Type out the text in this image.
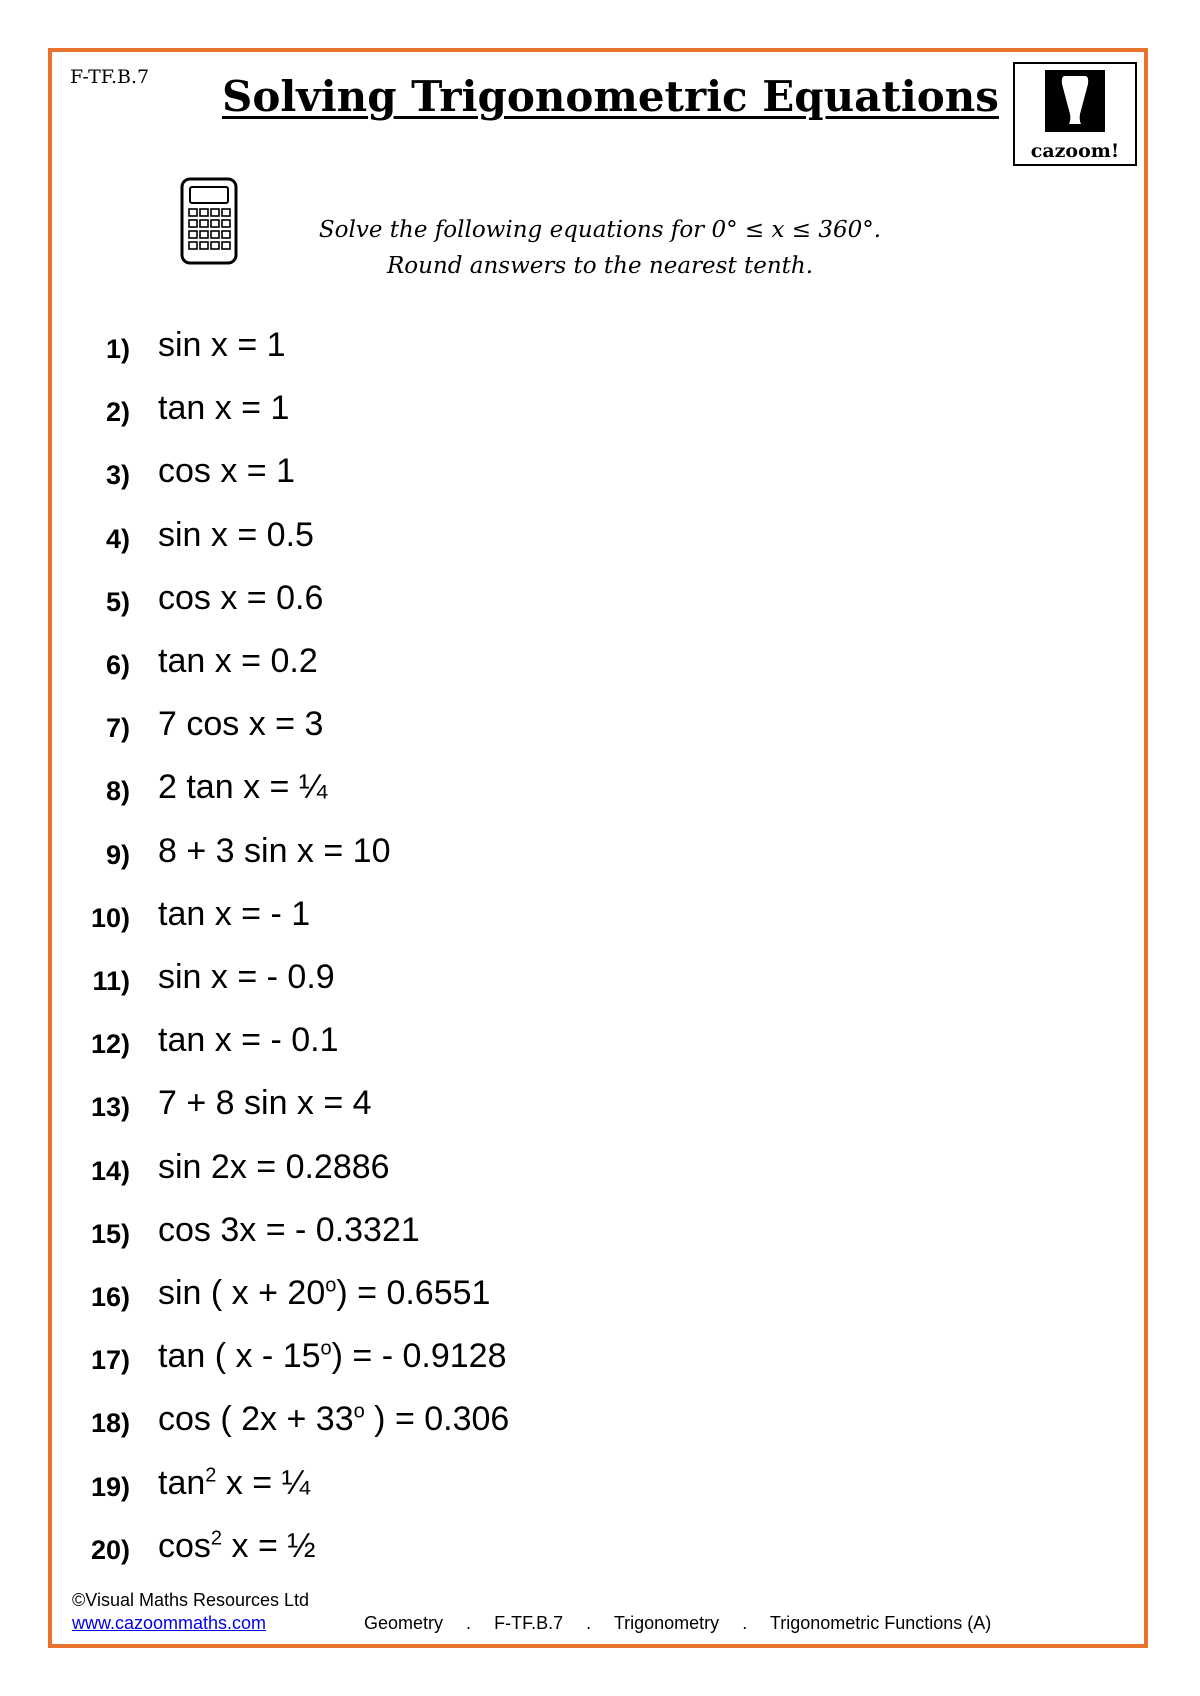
F-TF.B.7 Solving Trigonometric Equations
cazoom!
Solve the following equations for 0° ≤ x ≤ 360°.
Round answers to the nearest tenth.
1) sin x = 1
2) tan x = 1
3) cos x = 1
4) sin x = 0.5
5) cos x = 0.6
6) tan x = 0.2
7) 7 cos x = 3
8) 2 tan x = ¼
9) 8 + 3 sin x = 10
10) tan x = - 1
11) sin x = - 0.9
12) tan x = - 0.1
13) 7 + 8 sin x = 4
14) sin 2x = 0.2886
15) cos 3x = - 0.3321
16) sin ( $x + 20^o) = 0.6551$
17) tan ( x - $15^o$) = - 0.9128
18) cos ( $2x + 33^o$ ) = 0.306
19) $\tan^2 x$ = ¼
20) $\cos^2 x$ = ½
©Visual Maths Resources Ltd
www.cazoommaths.com	Geometry . F-TF.B.7 . Trigonometry . Trigonometric Functions (A)
